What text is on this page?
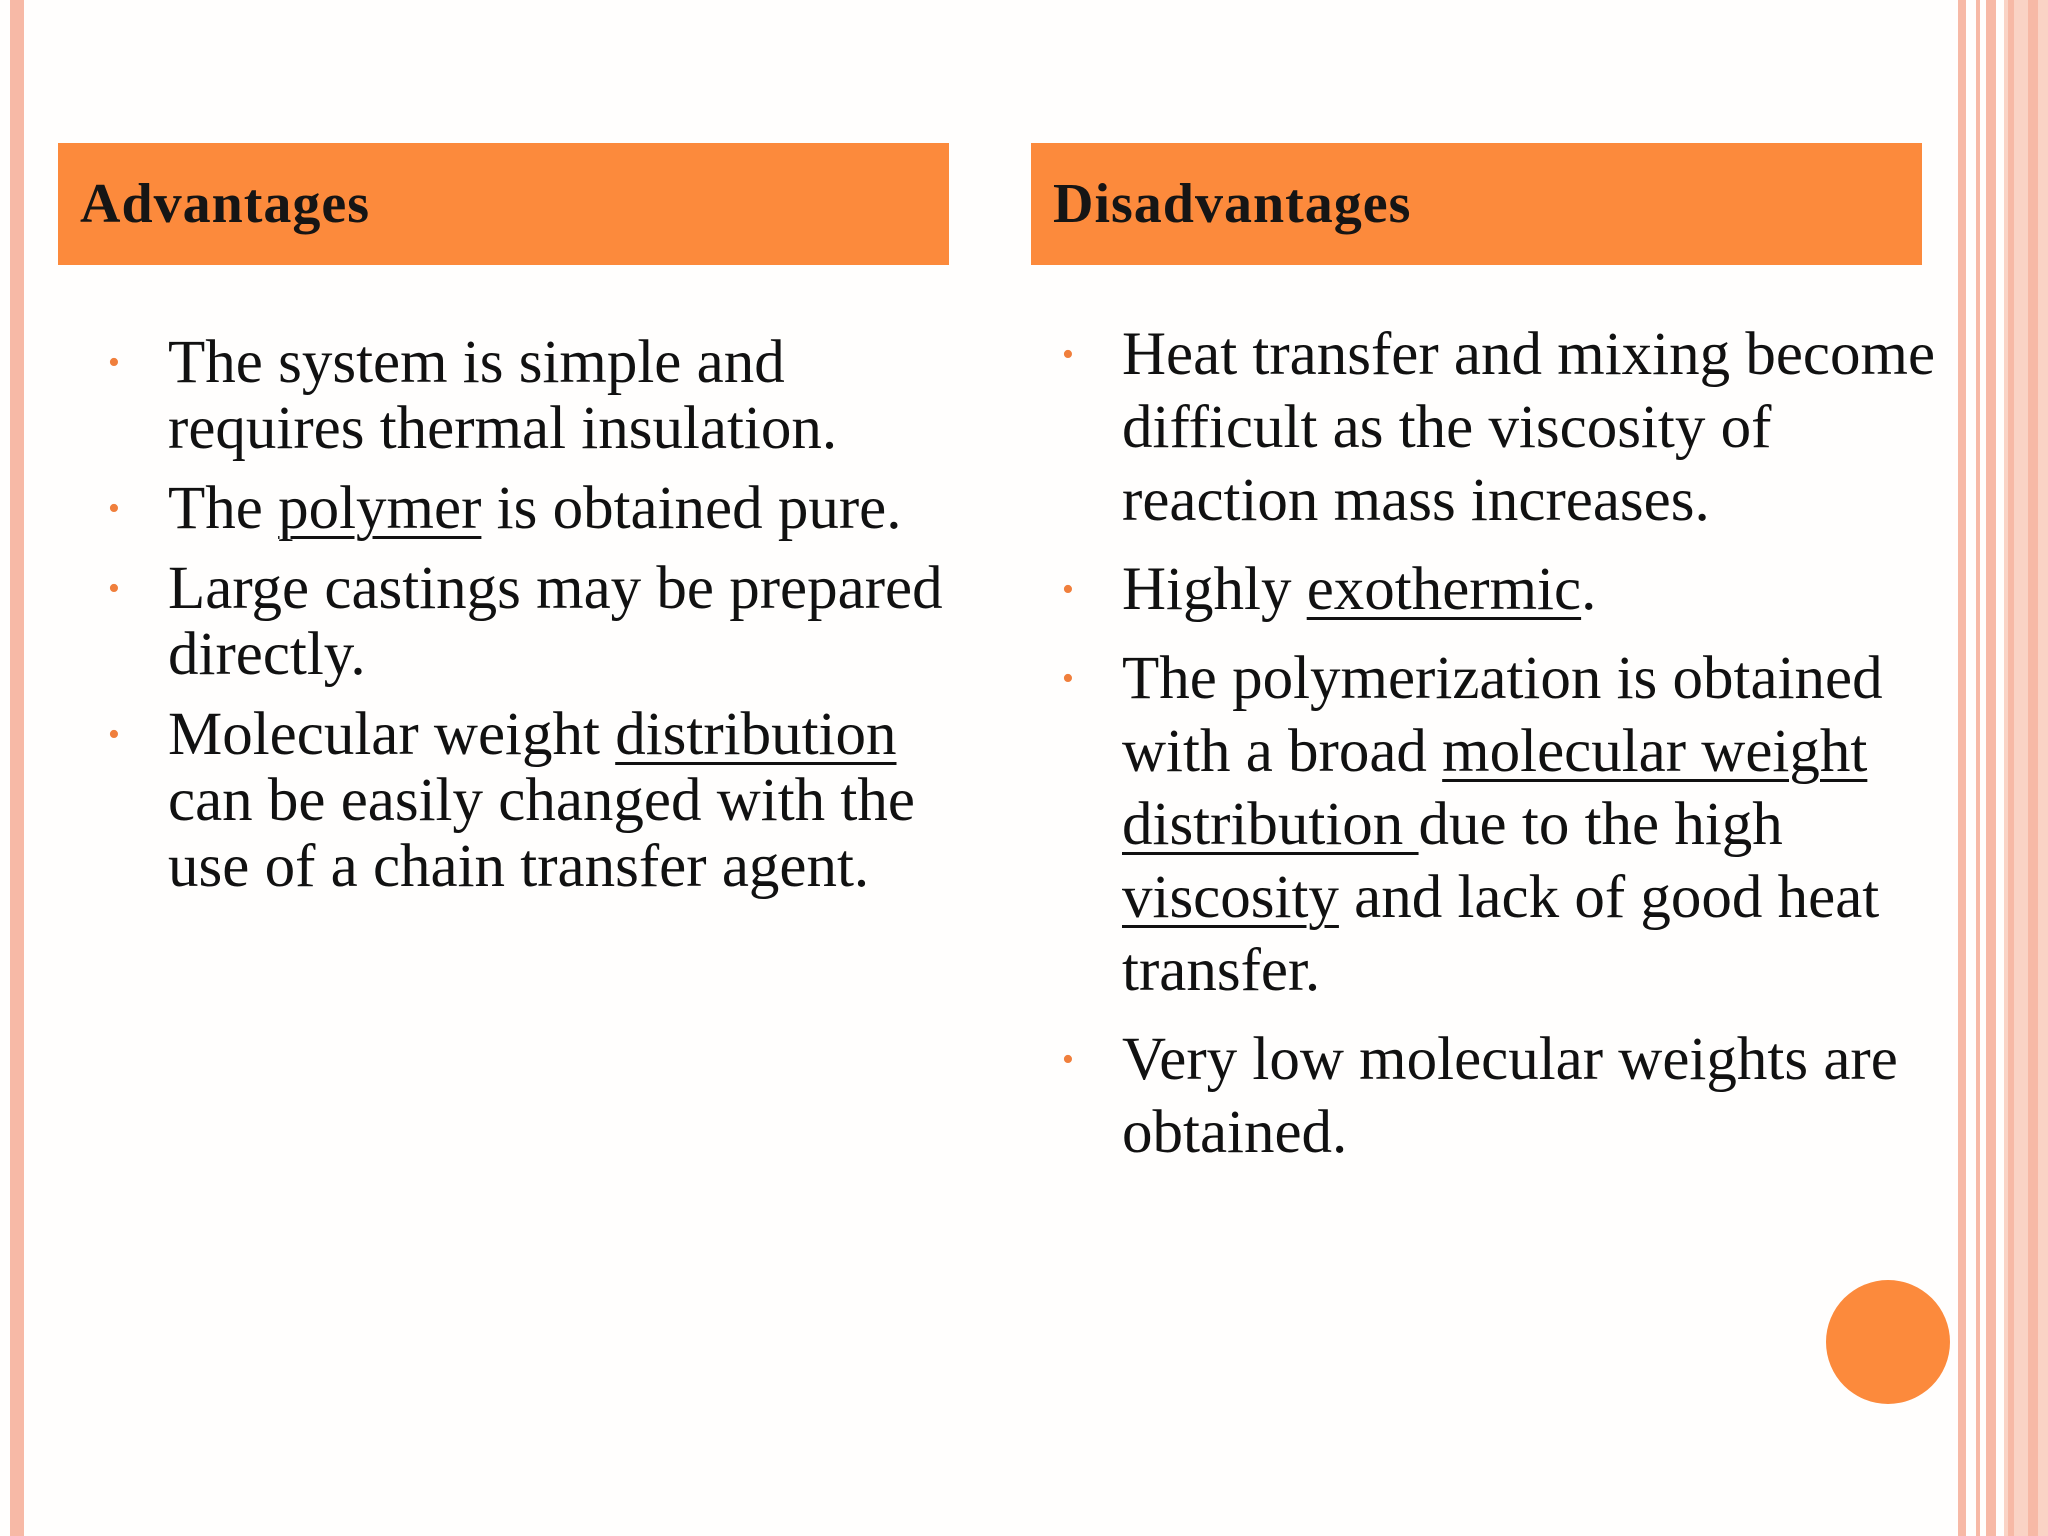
Advantages	Disadvantages
• The system is simple and requires thermal insulation.
• The polymer is obtained pure.
• Large castings may be prepared directly.
• Molecular weight distribution can be easily changed with the use of a chain transfer agent.
• Heat transfer and mixing become difficult as the viscosity of reaction mass increases.
• Highly exothermic.
• The polymerization is obtained with a broad molecular weight distribution due to the high viscosity and lack of good heat transfer.
• Very low molecular weights are obtained.
